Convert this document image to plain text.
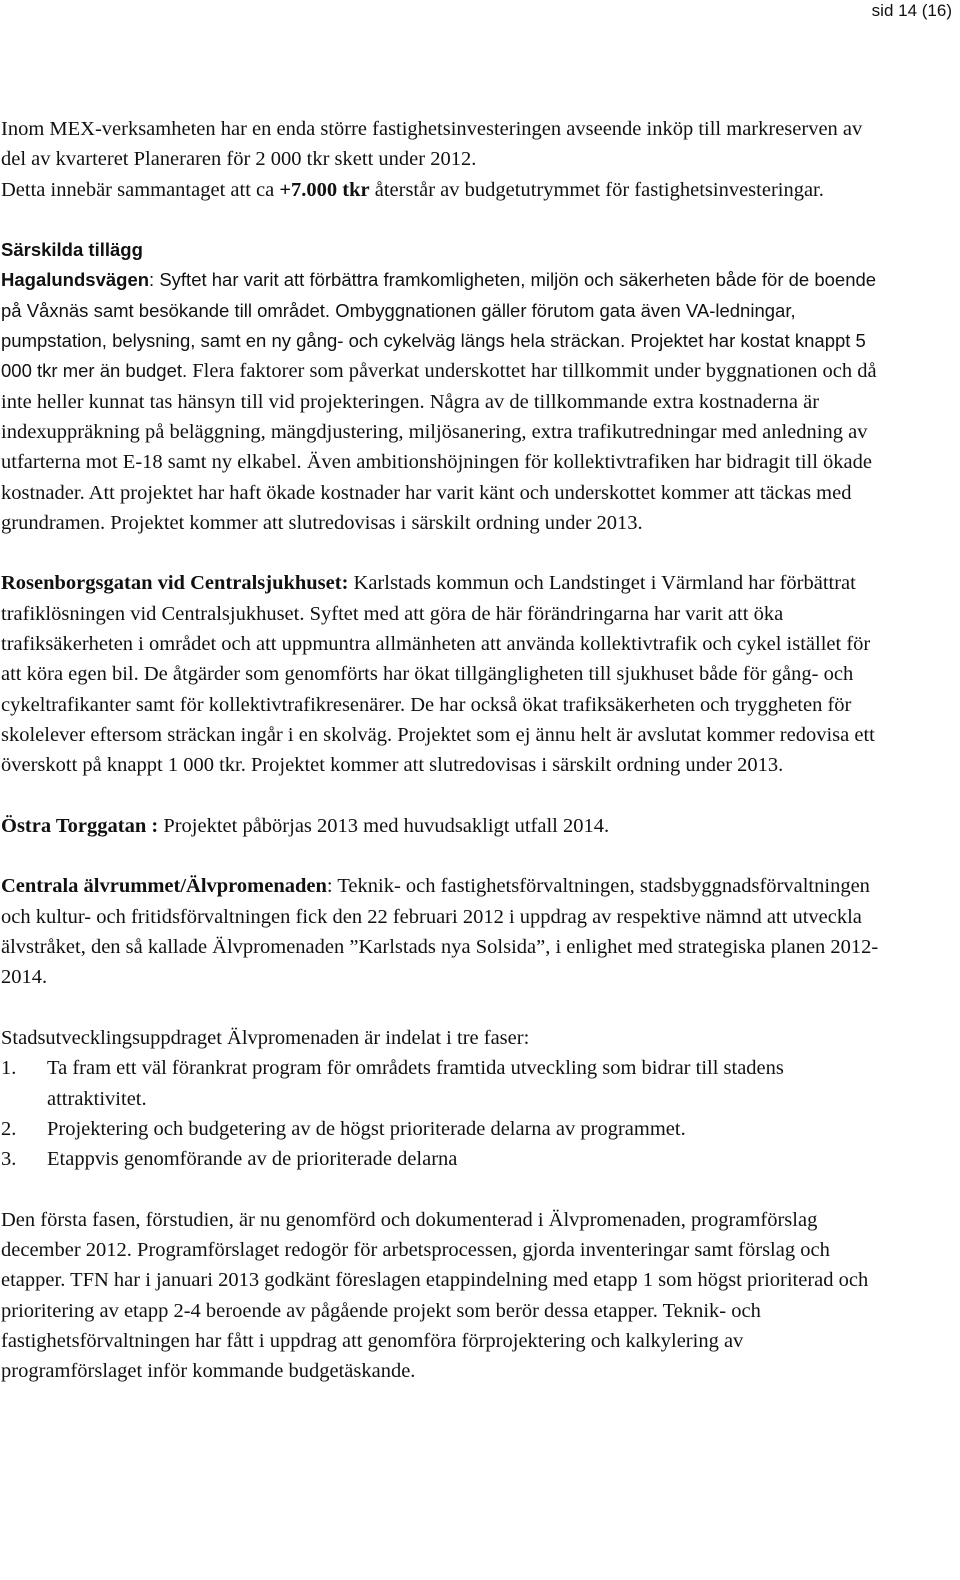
sid 14 (16)

Inom MEX-verksamheten har en enda större fastighetsinvesteringen avseende inköp till markreserven av del av kvarteret Planeraren för 2 000 tkr skett under 2012.
Detta innebär sammantaget att ca +7.000 tkr återstår av budgetutrymmet för fastighetsinvesteringar.

Särskilda tillägg

Hagalundsvägen: Syftet har varit att förbättra framkomligheten, miljön och säkerheten både för de boende på Våxnäs samt besökande till området. Ombyggnationen gäller förutom gata även VA-ledningar, pumpstation, belysning, samt en ny gång- och cykelväg längs hela sträckan. Projektet har kostat knappt 5 000 tkr mer än budget. Flera faktorer som påverkat underskottet har tillkommit under byggnationen och då inte heller kunnat tas hänsyn till vid projekteringen. Några av de tillkommande extra kostnaderna är indexuppräkning på beläggning, mängdjustering, miljösanering, extra trafikutredningar med anledning av utfarterna mot E-18 samt ny elkabel. Även ambitionshöjningen för kollektivtrafiken har bidragit till ökade kostnader. Att projektet har haft ökade kostnader har varit känt och underskottet kommer att täckas med grundramen. Projektet kommer att slutredovisas i särskilt ordning under 2013.

Rosenborgsgatan vid Centralsjukhuset: Karlstads kommun och Landstinget i Värmland har förbättrat trafiklösningen vid Centralsjukhuset. Syftet med att göra de här förändringarna har varit att öka trafiksäkerheten i området och att uppmuntra allmänheten att använda kollektivtrafik och cykel istället för att köra egen bil. De åtgärder som genomförts har ökat tillgängligheten till sjukhuset både för gång- och cykeltrafikanter samt för kollektivtrafikresenärer. De har också ökat trafiksäkerheten och tryggheten för skolelever eftersom sträckan ingår i en skolväg. Projektet som ej ännu helt är avslutat kommer redovisa ett överskott på knappt 1 000 tkr. Projektet kommer att slutredovisas i särskilt ordning under 2013.

Östra Torggatan : Projektet påbörjas 2013 med huvudsakligt utfall 2014.

Centrala älvrummet/Älvpromenaden: Teknik- och fastighetsförvaltningen, stadsbyggnadsförvaltningen och kultur- och fritidsförvaltningen fick den 22 februari 2012 i uppdrag av respektive nämnd att utveckla älvstråket, den så kallade Älvpromenaden ”Karlstads nya Solsida”, i enlighet med strategiska planen 2012-2014.

Stadsutvecklingsuppdraget Älvpromenaden är indelat i tre faser:

1.	Ta fram ett väl förankrat program för områdets framtida utveckling som bidrar till stadens attraktivitet.
2.	Projektering och budgetering av de högst prioriterade delarna av programmet.
3.	Etappvis genomförande av de prioriterade delarna

Den första fasen, förstudien, är nu genomförd och dokumenterad i Älvpromenaden, programförslag december 2012. Programförslaget redogör för arbetsprocessen, gjorda inventeringar samt förslag och etapper. TFN har i januari 2013 godkänt föreslagen etappindelning med etapp 1 som högst prioriterad och prioritering av etapp 2-4 beroende av pågående projekt som berör dessa etapper. Teknik- och fastighetsförvaltningen har fått i uppdrag att genomföra förprojektering och kalkylering av programförslaget inför kommande budgetäskande.
